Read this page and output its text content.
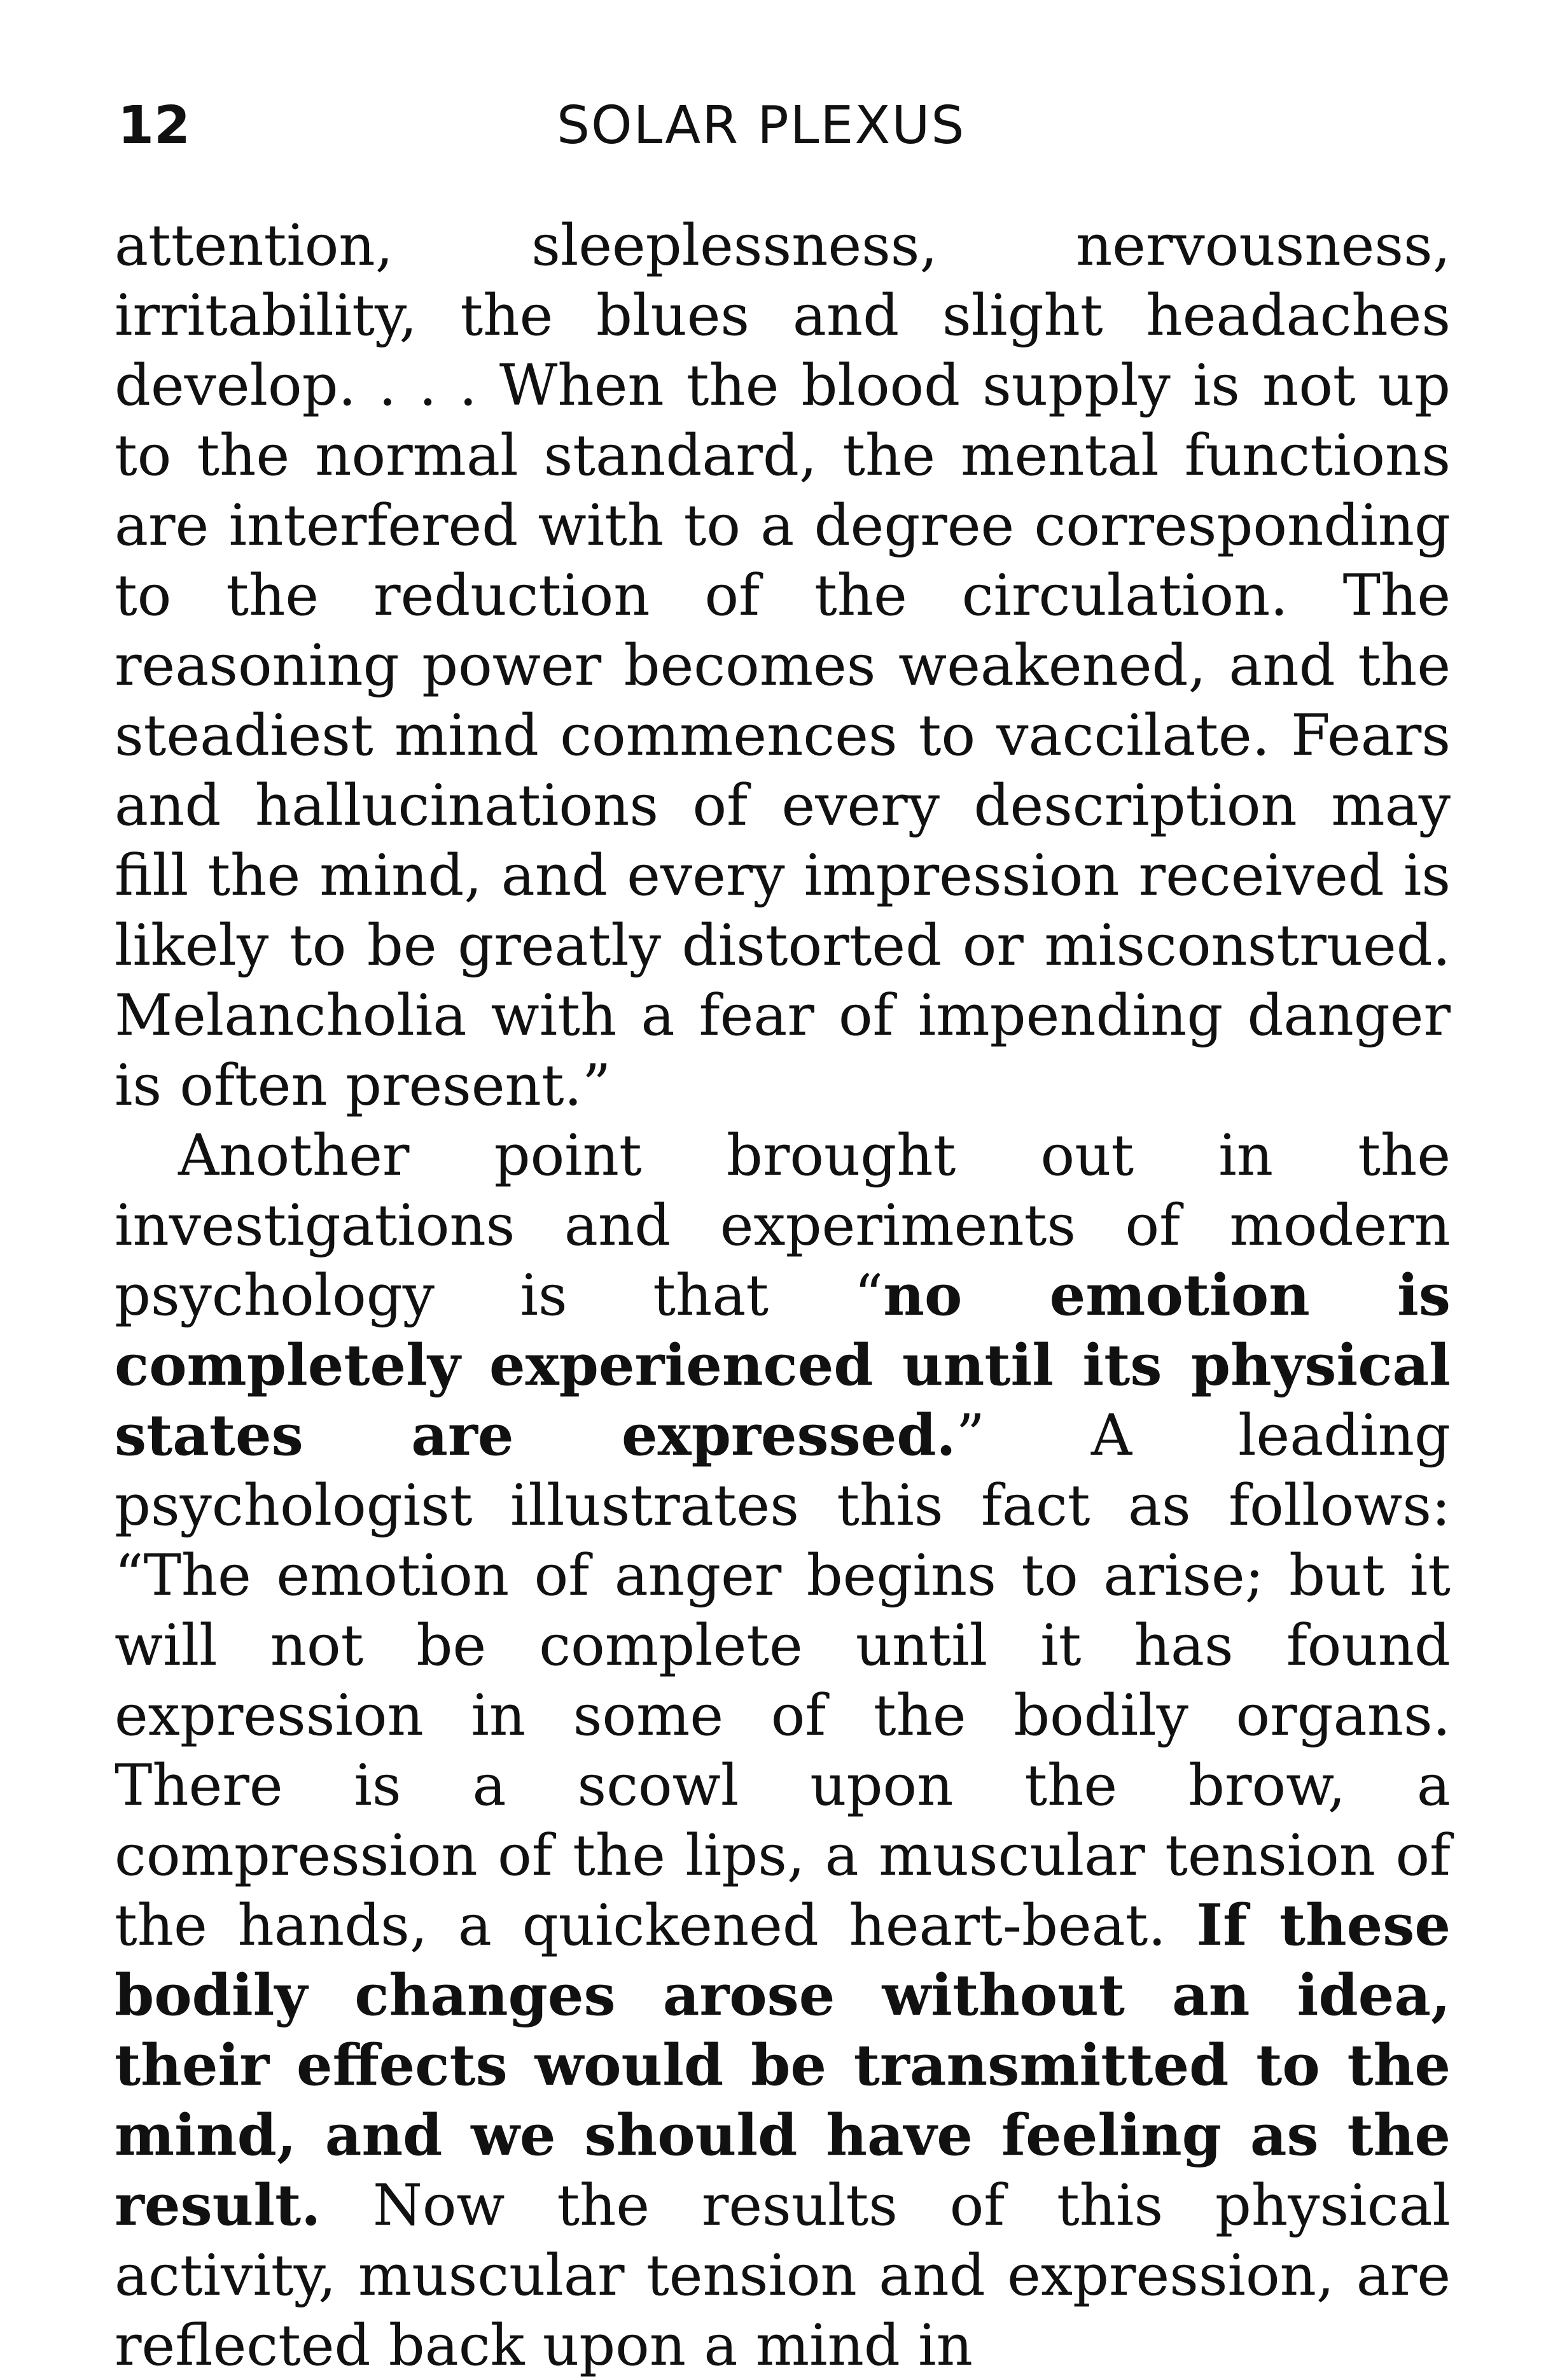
12	SOLAR PLEXUS

attention, sleeplessness, nervousness, irritability, the blues and slight headaches develop. . . . When the blood supply is not up to the normal standard, the mental functions are interfered with to a degree corresponding to the reduction of the circulation. The reasoning power becomes weakened, and the steadiest mind commences to vaccilate. Fears and hallucinations of every description may fill the mind, and every impression received is likely to be greatly distorted or misconstrued. Melancholia with a fear of impending danger is often present.”

Another point brought out in the investigations and experiments of modern psychology is that “no emotion is completely experienced until its physical states are expressed.” A leading psychologist illustrates this fact as follows: “The emotion of anger begins to arise; but it will not be complete until it has found expression in some of the bodily organs. There is a scowl upon the brow, a compression of the lips, a muscular tension of the hands, a quickened heart-beat. If these bodily changes arose without an idea, their effects would be transmitted to the mind, and we should have feeling as the result. Now the results of this physical activity, muscular tension and expression, are reflected back upon a mind in
